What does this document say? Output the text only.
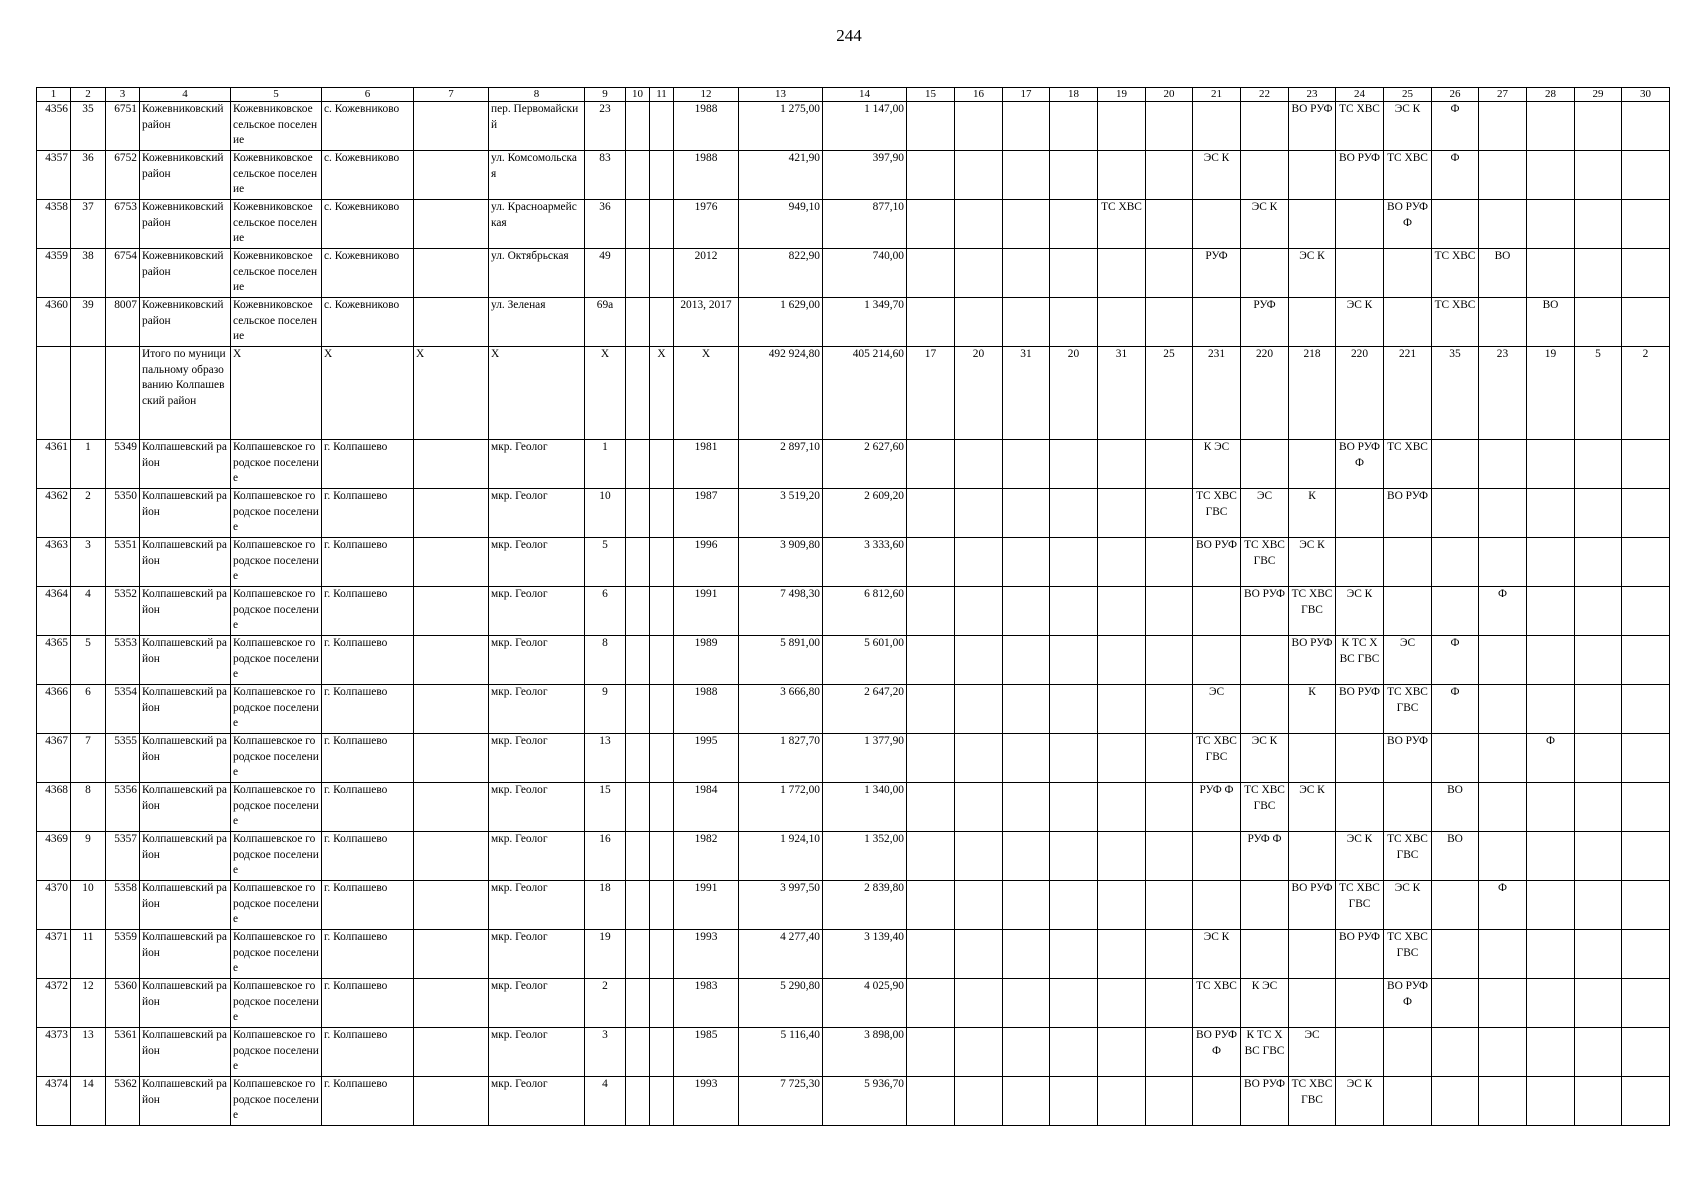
244
1	2	3	4	5	6	7	8	9	10	11	12	13	14	15	16	17	18	19	20	21	22	23	24	25	26	27	28	29	30
4356	35	6751	Кожевниковский район	Кожевниковское сельское поселение	с. Кожевниково		пер. Первомайский	23			1988	1 275,00	1 147,00									ВО РУФ	ТС ХВС	ЭС К	Ф				
4357	36	6752	Кожевниковский район	Кожевниковское сельское поселение	с. Кожевниково		ул. Комсомольская	83			1988	421,90	397,90							ЭС К			ВО РУФ	ТС ХВС	Ф				
4358	37	6753	Кожевниковский район	Кожевниковское сельское поселение	с. Кожевниково		ул. Красноармейская	36			1976	949,10	877,10					ТС ХВС			ЭС К			ВО РУФ Ф					
4359	38	6754	Кожевниковский район	Кожевниковское сельское поселение	с. Кожевниково		ул. Октябрьская	49			2012	822,90	740,00							РУФ		ЭС К			ТС ХВС	ВО			
4360	39	8007	Кожевниковский район	Кожевниковское сельское поселение	с. Кожевниково		ул. Зеленая	69а			2013, 2017	1 629,00	1 349,70								РУФ		ЭС К		ТС ХВС		ВО		
			Итого по муниципальному образованию Колпашевский район	X	X	X	X	X		X	X	492 924,80	405 214,60	17	20	31	20	31	25	231	220	218	220	221	35	23	19	5	2
4361	1	5349	Колпашевский район	Колпашевское городское поселение	г. Колпашево		мкр. Геолог	1			1981	2 897,10	2 627,60							К ЭС			ВО РУФ Ф	ТС ХВС					
4362	2	5350	Колпашевский район	Колпашевское городское поселение	г. Колпашево		мкр. Геолог	10			1987	3 519,20	2 609,20							ТС ХВС ГВС	ЭС	К		ВО РУФ					
4363	3	5351	Колпашевский район	Колпашевское городское поселение	г. Колпашево		мкр. Геолог	5			1996	3 909,80	3 333,60							ВО РУФ	ТС ХВС ГВС	ЭС К							
4364	4	5352	Колпашевский район	Колпашевское городское поселение	г. Колпашево		мкр. Геолог	6			1991	7 498,30	6 812,60								ВО РУФ	ТС ХВС ГВС	ЭС К			Ф			
4365	5	5353	Колпашевский район	Колпашевское городское поселение	г. Колпашево		мкр. Геолог	8			1989	5 891,00	5 601,00									ВО РУФ	К ТС ХВС ГВС	ЭС	Ф				
4366	6	5354	Колпашевский район	Колпашевское городское поселение	г. Колпашево		мкр. Геолог	9			1988	3 666,80	2 647,20							ЭС		К	ВО РУФ	ТС ХВС ГВС	Ф				
4367	7	5355	Колпашевский район	Колпашевское городское поселение	г. Колпашево		мкр. Геолог	13			1995	1 827,70	1 377,90							ТС ХВС ГВС	ЭС К			ВО РУФ			Ф		
4368	8	5356	Колпашевский район	Колпашевское городское поселение	г. Колпашево		мкр. Геолог	15			1984	1 772,00	1 340,00							РУФ Ф	ТС ХВС ГВС	ЭС К			ВО				
4369	9	5357	Колпашевский район	Колпашевское городское поселение	г. Колпашево		мкр. Геолог	16			1982	1 924,10	1 352,00								РУФ Ф		ЭС К	ТС ХВС ГВС	ВО				
4370	10	5358	Колпашевский район	Колпашевское городское поселение	г. Колпашево		мкр. Геолог	18			1991	3 997,50	2 839,80									ВО РУФ	ТС ХВС ГВС	ЭС К		Ф			
4371	11	5359	Колпашевский район	Колпашевское городское поселение	г. Колпашево		мкр. Геолог	19			1993	4 277,40	3 139,40							ЭС К			ВО РУФ	ТС ХВС ГВС					
4372	12	5360	Колпашевский район	Колпашевское городское поселение	г. Колпашево		мкр. Геолог	2			1983	5 290,80	4 025,90							ТС ХВС	К ЭС			ВО РУФ Ф					
4373	13	5361	Колпашевский район	Колпашевское городское поселение	г. Колпашево		мкр. Геолог	3			1985	5 116,40	3 898,00							ВО РУФ Ф	К ТС ХВС ГВС	ЭС							
4374	14	5362	Колпашевский район	Колпашевское городское поселение	г. Колпашево		мкр. Геолог	4			1993	7 725,30	5 936,70								ВО РУФ	ТС ХВС ГВС	ЭС К						
